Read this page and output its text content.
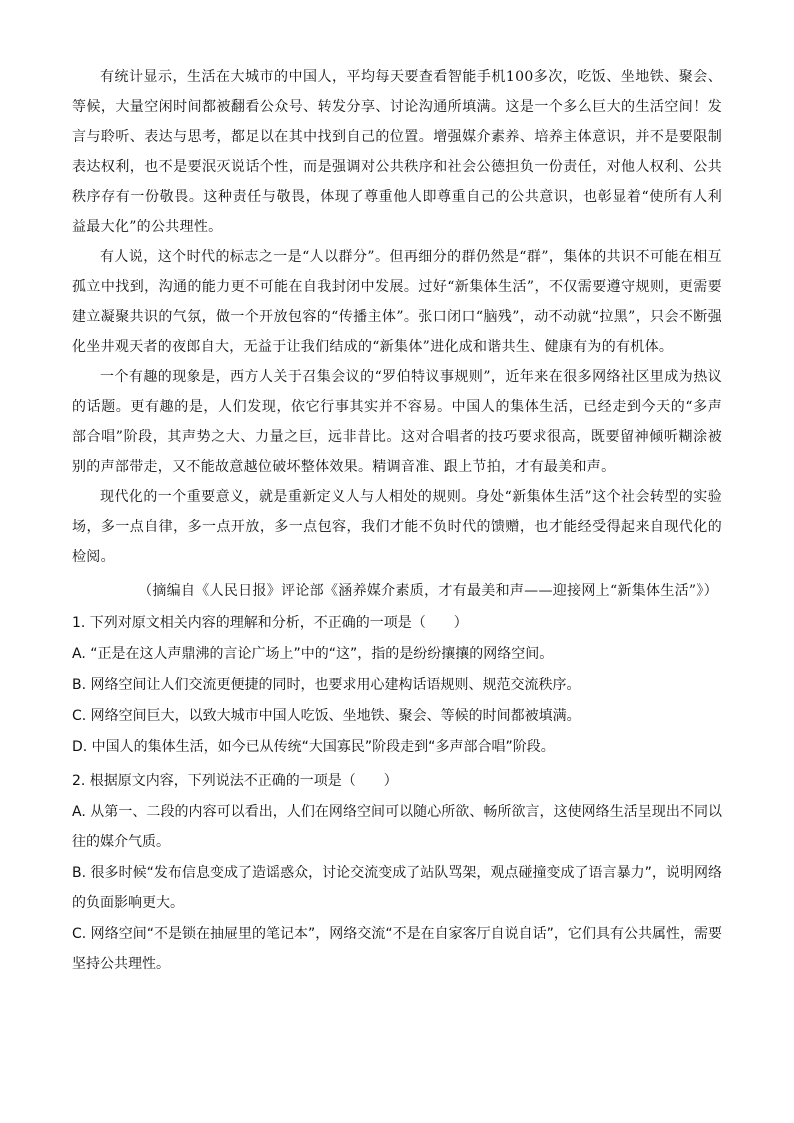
有统计显示，生活在大城市的中国人，平均每天要查看智能手机100多次，吃饭、坐地铁、聚会、等候，大量空闲时间都被翻看公众号、转发分享、讨论沟通所填满。这是一个多么巨大的生活空间！发言与聆听、表达与思考，都足以在其中找到自己的位置。增强媒介素养、培养主体意识，并不是要限制表达权利，也不是要泯灭说话个性，而是强调对公共秩序和社会公德担负一份责任，对他人权利、公共秩序存有一份敬畏。这种责任与敬畏，体现了尊重他人即尊重自己的公共意识，也彰显着“使所有人利益最大化”的公共理性。

有人说，这个时代的标志之一是“人以群分”。但再细分的群仍然是“群”，集体的共识不可能在相互孤立中找到，沟通的能力更不可能在自我封闭中发展。过好“新集体生活”，不仅需要遵守规则，更需要建立凝聚共识的气氛，做一个开放包容的“传播主体”。张口闭口“脑残”，动不动就“拉黑”，只会不断强化坐井观天者的夜郎自大，无益于让我们结成的“新集体”进化成和谐共生、健康有为的有机体。

一个有趣的现象是，西方人关于召集会议的“罗伯特议事规则”，近年来在很多网络社区里成为热议的话题。更有趣的是，人们发现，依它行事其实并不容易。中国人的集体生活，已经走到今天的“多声部合唱”阶段，其声势之大、力量之巨，远非昔比。这对合唱者的技巧要求很高，既要留神倾听糊涂被别的声部带走，又不能故意越位破坏整体效果。精调音准、跟上节拍，才有最美和声。

现代化的一个重要意义，就是重新定义人与人相处的规则。身处“新集体生活”这个社会转型的实验场，多一点自律，多一点开放，多一点包容，我们才能不负时代的馈赠，也才能经受得起来自现代化的检阅。

（摘编自《人民日报》评论部《涵养媒介素质，才有最美和声——迎接网上“新集体生活”》）

1. 下列对原文相关内容的理解和分析，不正确的一项是（　　）

A. “正是在这人声鼎沸的言论广场上”中的“这”，指的是纷纷攘攘的网络空间。

B. 网络空间让人们交流更便捷的同时，也要求用心建构话语规则、规范交流秩序。

C. 网络空间巨大，以致大城市中国人吃饭、坐地铁、聚会、等候的时间都被填满。

D. 中国人的集体生活，如今已从传统“大国寡民”阶段走到“多声部合唱”阶段。

2. 根据原文内容，下列说法不正确的一项是（　　）

A. 从第一、二段的内容可以看出，人们在网络空间可以随心所欲、畅所欲言，这使网络生活呈现出不同以往的媒介气质。

B. 很多时候“发布信息变成了造谣惑众，讨论交流变成了站队骂架，观点碰撞变成了语言暴力”，说明网络的负面影响更大。

C. 网络空间“不是锁在抽屉里的笔记本”，网络交流“不是在自家客厅自说自话”，它们具有公共属性，需要坚持公共理性。
